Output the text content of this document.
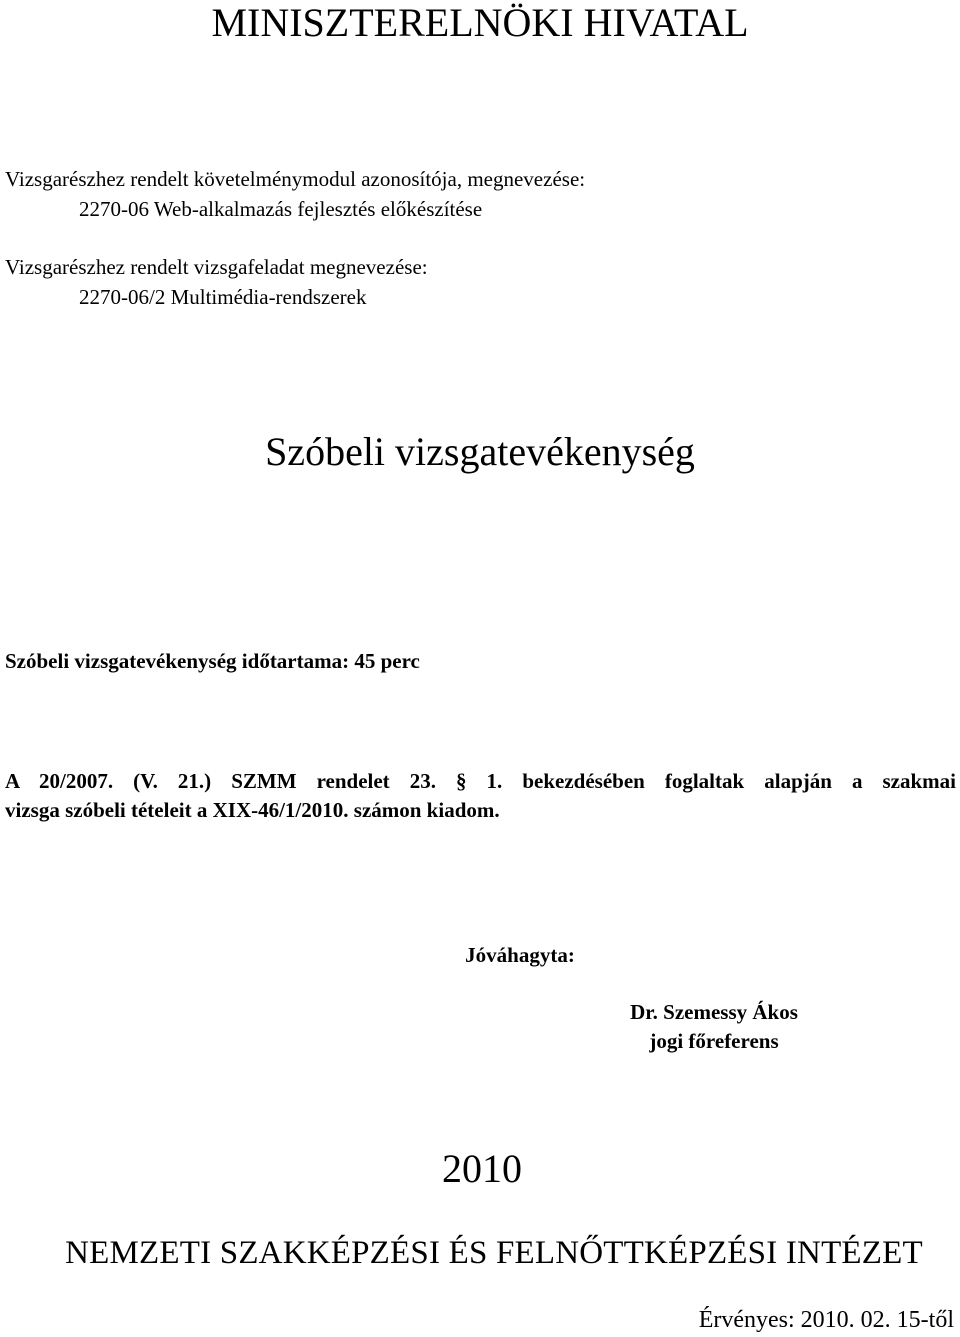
MINISZTERELNÖKI HIVATAL
Vizsgarészhez rendelt követelménymodul azonosítója, megnevezése:
2270-06 Web-alkalmazás fejlesztés előkészítése
Vizsgarészhez rendelt vizsgafeladat megnevezése:
2270-06/2 Multimédia-rendszerek
Szóbeli vizsgatevékenység
Szóbeli vizsgatevékenység időtartama: 45 perc
A 20/2007. (V. 21.) SZMM rendelet 23. § 1. bekezdésében foglaltak alapján a szakmai
vizsga szóbeli tételeit a XIX-46/1/2010. számon kiadom.
Jóváhagyta:
Dr. Szemessy Ákos
jogi főreferens
2010
NEMZETI SZAKKÉPZÉSI ÉS FELNŐTTKÉPZÉSI INTÉZET
Érvényes: 2010. 02. 15-től
